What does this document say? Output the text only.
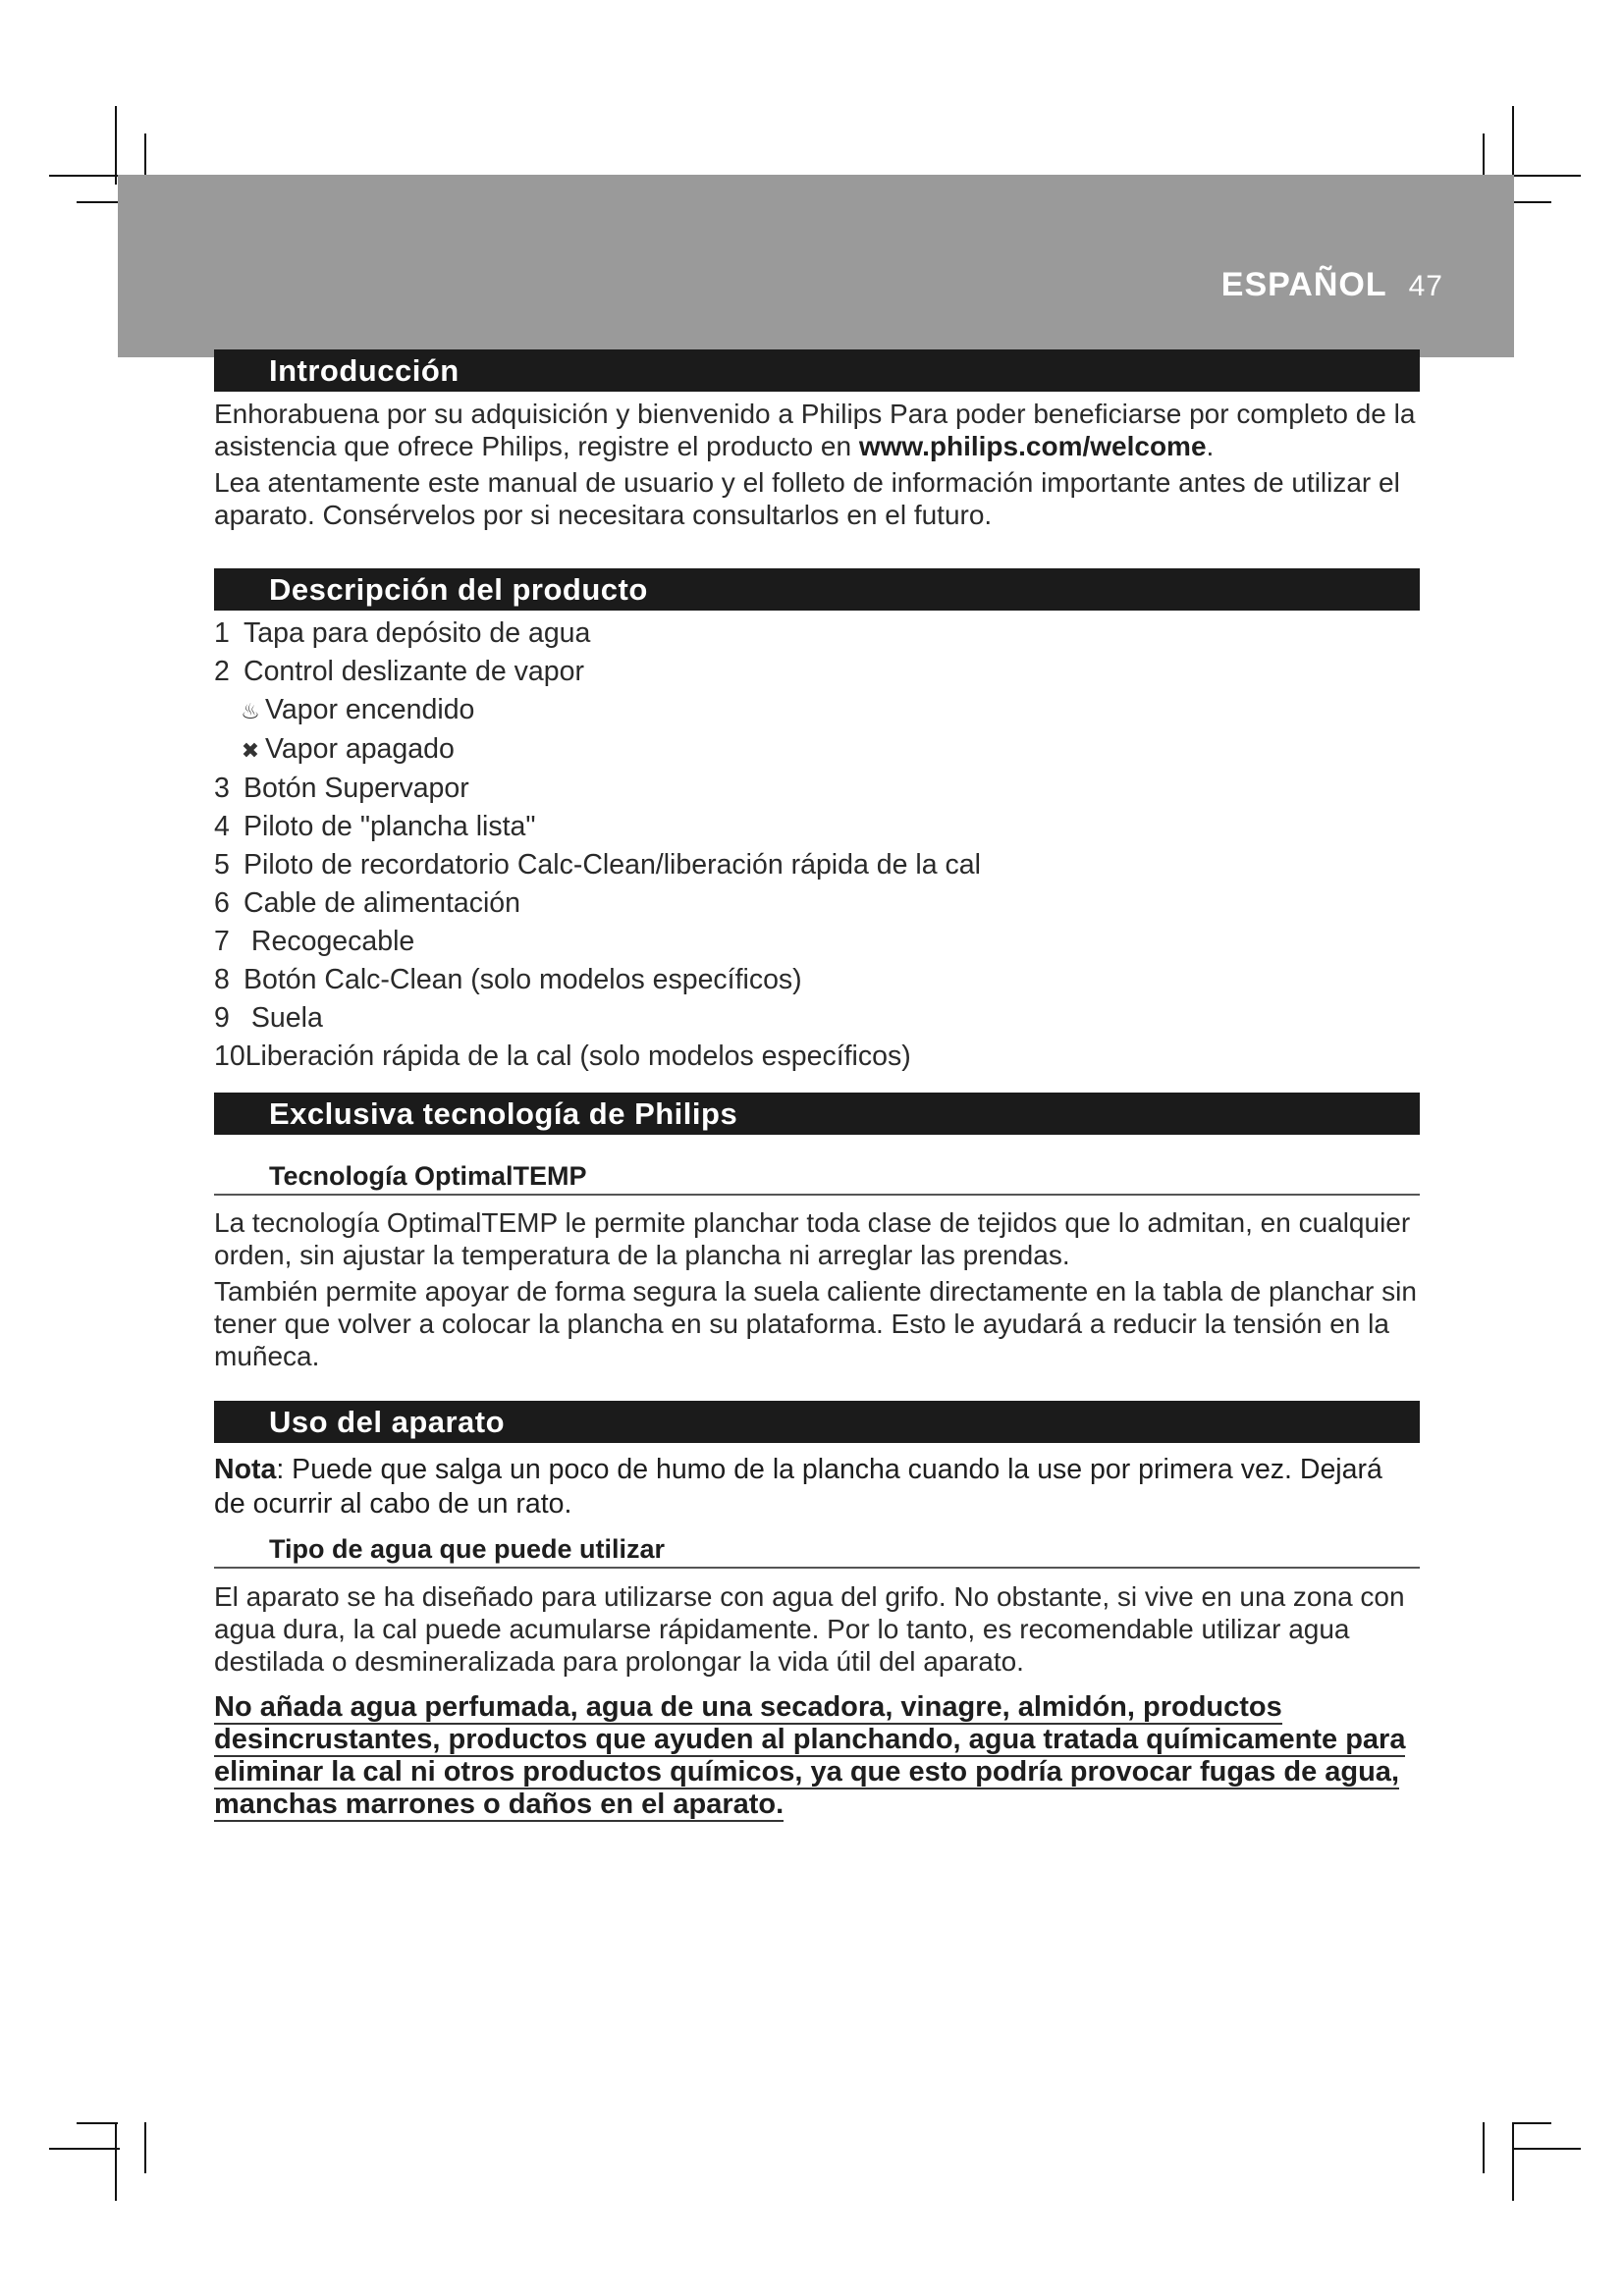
ESPAÑOL 47
Introducción

Enhorabuena por su adquisición y bienvenido a Philips Para poder beneficiarse por completo de la asistencia que ofrece Philips, registre el producto en www.philips.com/welcome.

Lea atentamente este manual de usuario y el folleto de información importante antes de utilizar el aparato. Consérvelos por si necesitara consultarlos en el futuro.

Descripción del producto
1 Tapa para depósito de agua
2 Control deslizante de vapor
♨ Vapor encendido
✖ Vapor apagado
3 Botón Supervapor
4 Piloto de "plancha lista"
5 Piloto de recordatorio Calc-Clean/liberación rápida de la cal
6 Cable de alimentación
7 Recogecable
8 Botón Calc-Clean (solo modelos específicos)
9 Suela
10Liberación rápida de la cal (solo modelos específicos)
Exclusiva tecnología de Philips
Tecnología OptimalTEMP

La tecnología OptimalTEMP le permite planchar toda clase de tejidos que lo admitan, en cualquier orden, sin ajustar la temperatura de la plancha ni arreglar las prendas.

También permite apoyar de forma segura la suela caliente directamente en la tabla de planchar sin tener que volver a colocar la plancha en su plataforma. Esto le ayudará a reducir la tensión en la muñeca.

Uso del aparato

Nota: Puede que salga un poco de humo de la plancha cuando la use por primera vez. Dejará de ocurrir al cabo de un rato.

Tipo de agua que puede utilizar

El aparato se ha diseñado para utilizarse con agua del grifo. No obstante, si vive en una zona con agua dura, la cal puede acumularse rápidamente. Por lo tanto, es recomendable utilizar agua destilada o desmineralizada para prolongar la vida útil del aparato.

No añada agua perfumada, agua de una secadora, vinagre, almidón, productos desincrustantes, productos que ayuden al planchando, agua tratada químicamente para eliminar la cal ni otros productos químicos, ya que esto podría provocar fugas de agua, manchas marrones o daños en el aparato.
